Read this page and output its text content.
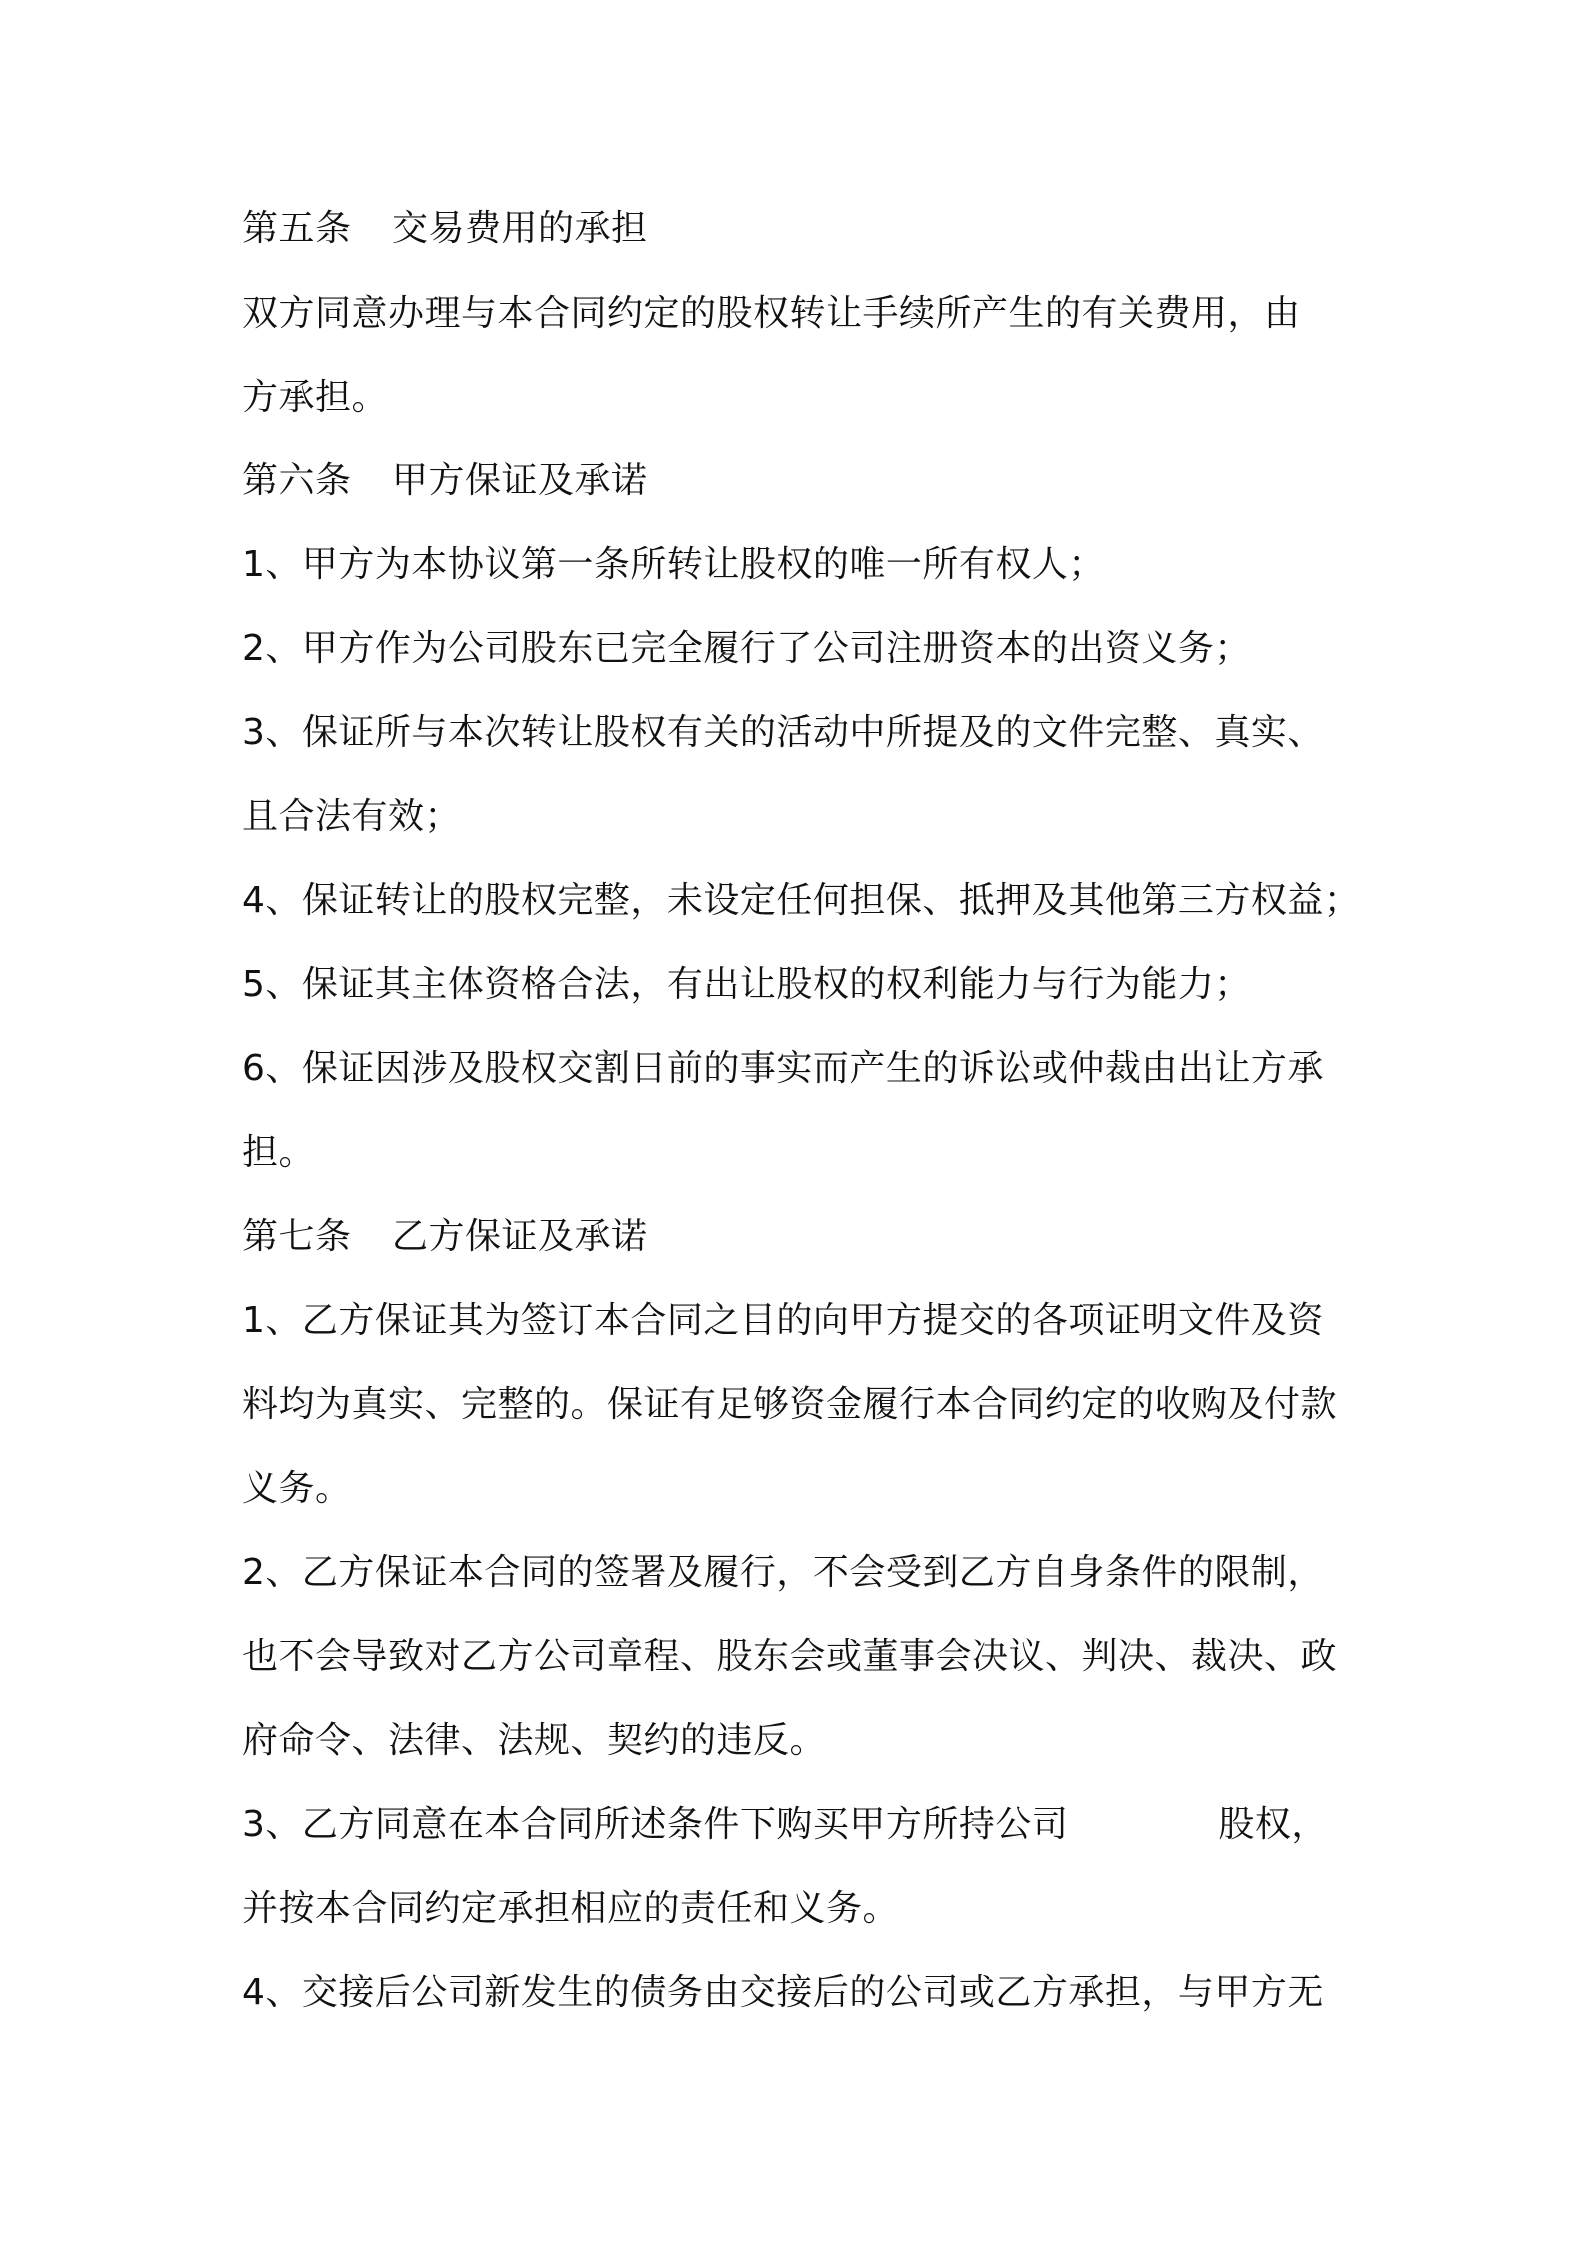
第五条 交易费用的承担
双方同意办理与本合同约定的股权转让手续所产生的有关费用，由
方承担。
第六条 甲方保证及承诺
1、甲方为本协议第一条所转让股权的唯一所有权人；
2、甲方作为公司股东已完全履行了公司注册资本的出资义务；
3、保证所与本次转让股权有关的活动中所提及的文件完整、真实、
且合法有效；
4、保证转让的股权完整，未设定任何担保、抵押及其他第三方权益；
5、保证其主体资格合法，有出让股权的权利能力与行为能力；
6、保证因涉及股权交割日前的事实而产生的诉讼或仲裁由出让方承
担。
第七条 乙方保证及承诺
1、乙方保证其为签订本合同之目的向甲方提交的各项证明文件及资
料均为真实、完整的。保证有足够资金履行本合同约定的收购及付款
义务。
2、乙方保证本合同的签署及履行，不会受到乙方自身条件的限制，
也不会导致对乙方公司章程、股东会或董事会决议、判决、裁决、政
府命令、法律、法规、契约的违反。
3、乙方同意在本合同所述条件下购买甲方所持公司	股权，
并按本合同约定承担相应的责任和义务。
4、交接后公司新发生的债务由交接后的公司或乙方承担，与甲方无
